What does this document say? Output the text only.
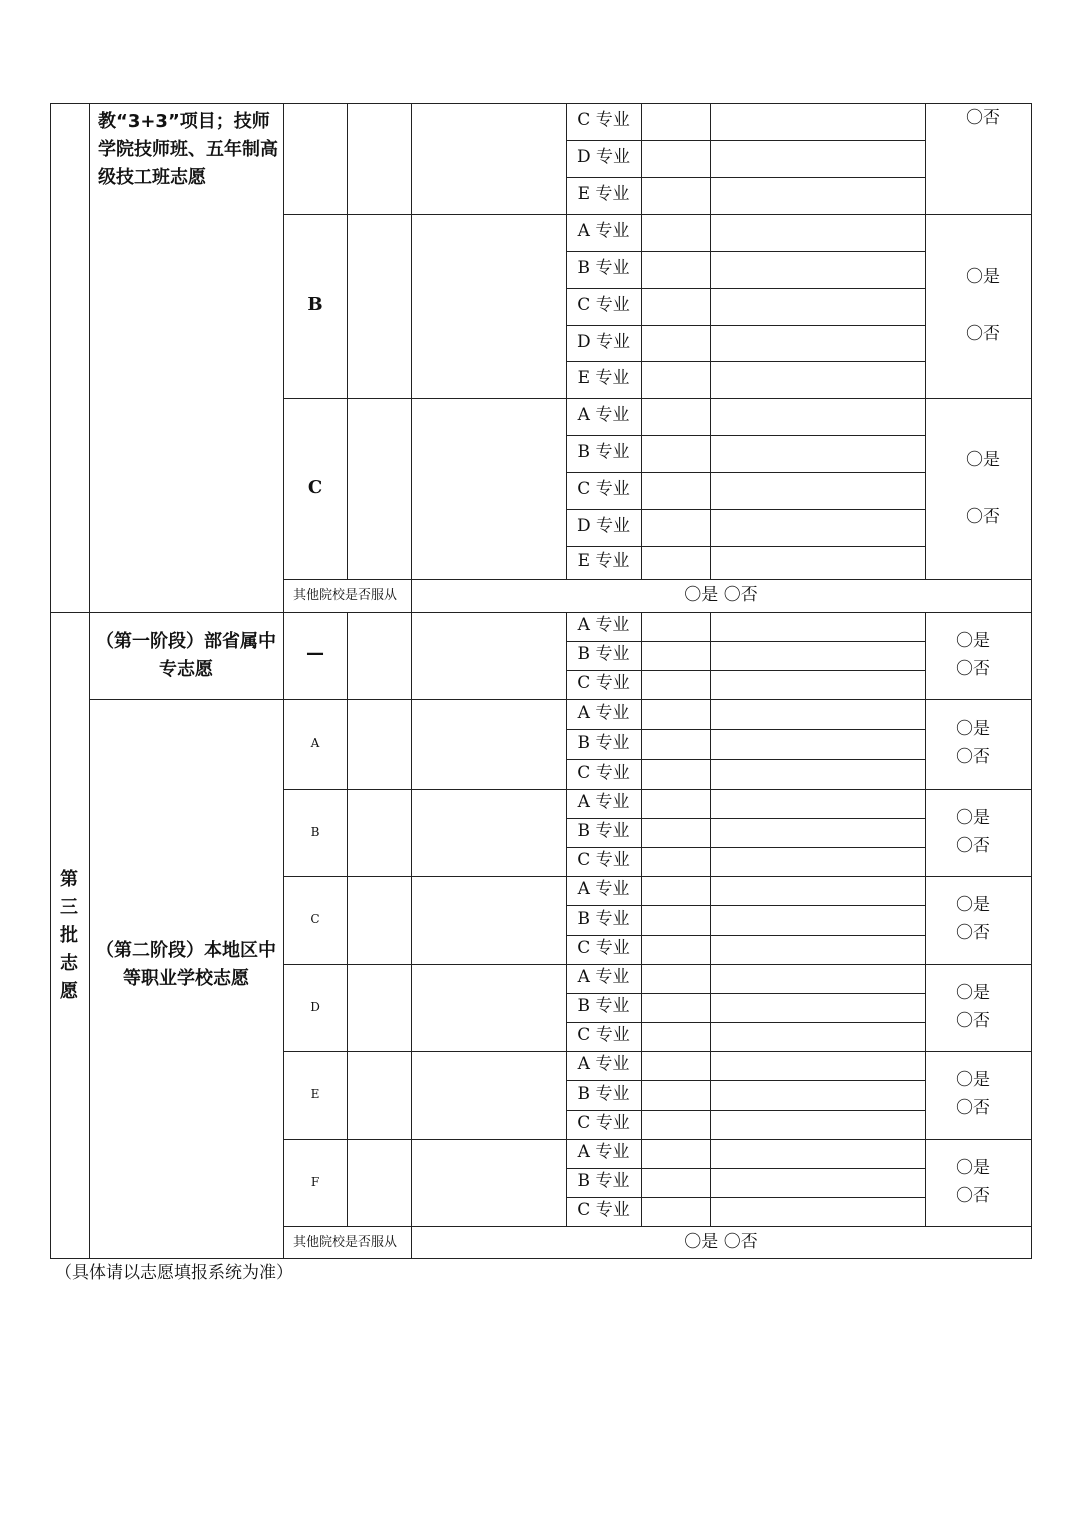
教“3+3”项目；技师学院技师班、五年制高级技工班志愿
C 专业
D 专业
E 专业
〇否
A 专业
B 专业
C 专业
D 专业
E 专业
B
〇是
〇否
A 专业
B 专业
C 专业
D 专业
E 专业
C
〇是
〇否
其他院校是否服从	〇是 〇否
第三批志愿
（第一阶段）部省属中专志愿
A 专业
B 专业
C 专业
—
〇是
〇否
（第二阶段）本地区中等职业学校志愿
A 专业
B 专业
C 专业
A
〇是
〇否
A 专业
B 专业
C 专业
B
〇是
〇否
A 专业
B 专业
C 专业
C
〇是
〇否
A 专业
B 专业
C 专业
D
〇是
〇否
A 专业
B 专业
C 专业
E
〇是
〇否
A 专业
B 专业
C 专业
F
〇是
〇否
其他院校是否服从	〇是 〇否
（具体请以志愿填报系统为准）
